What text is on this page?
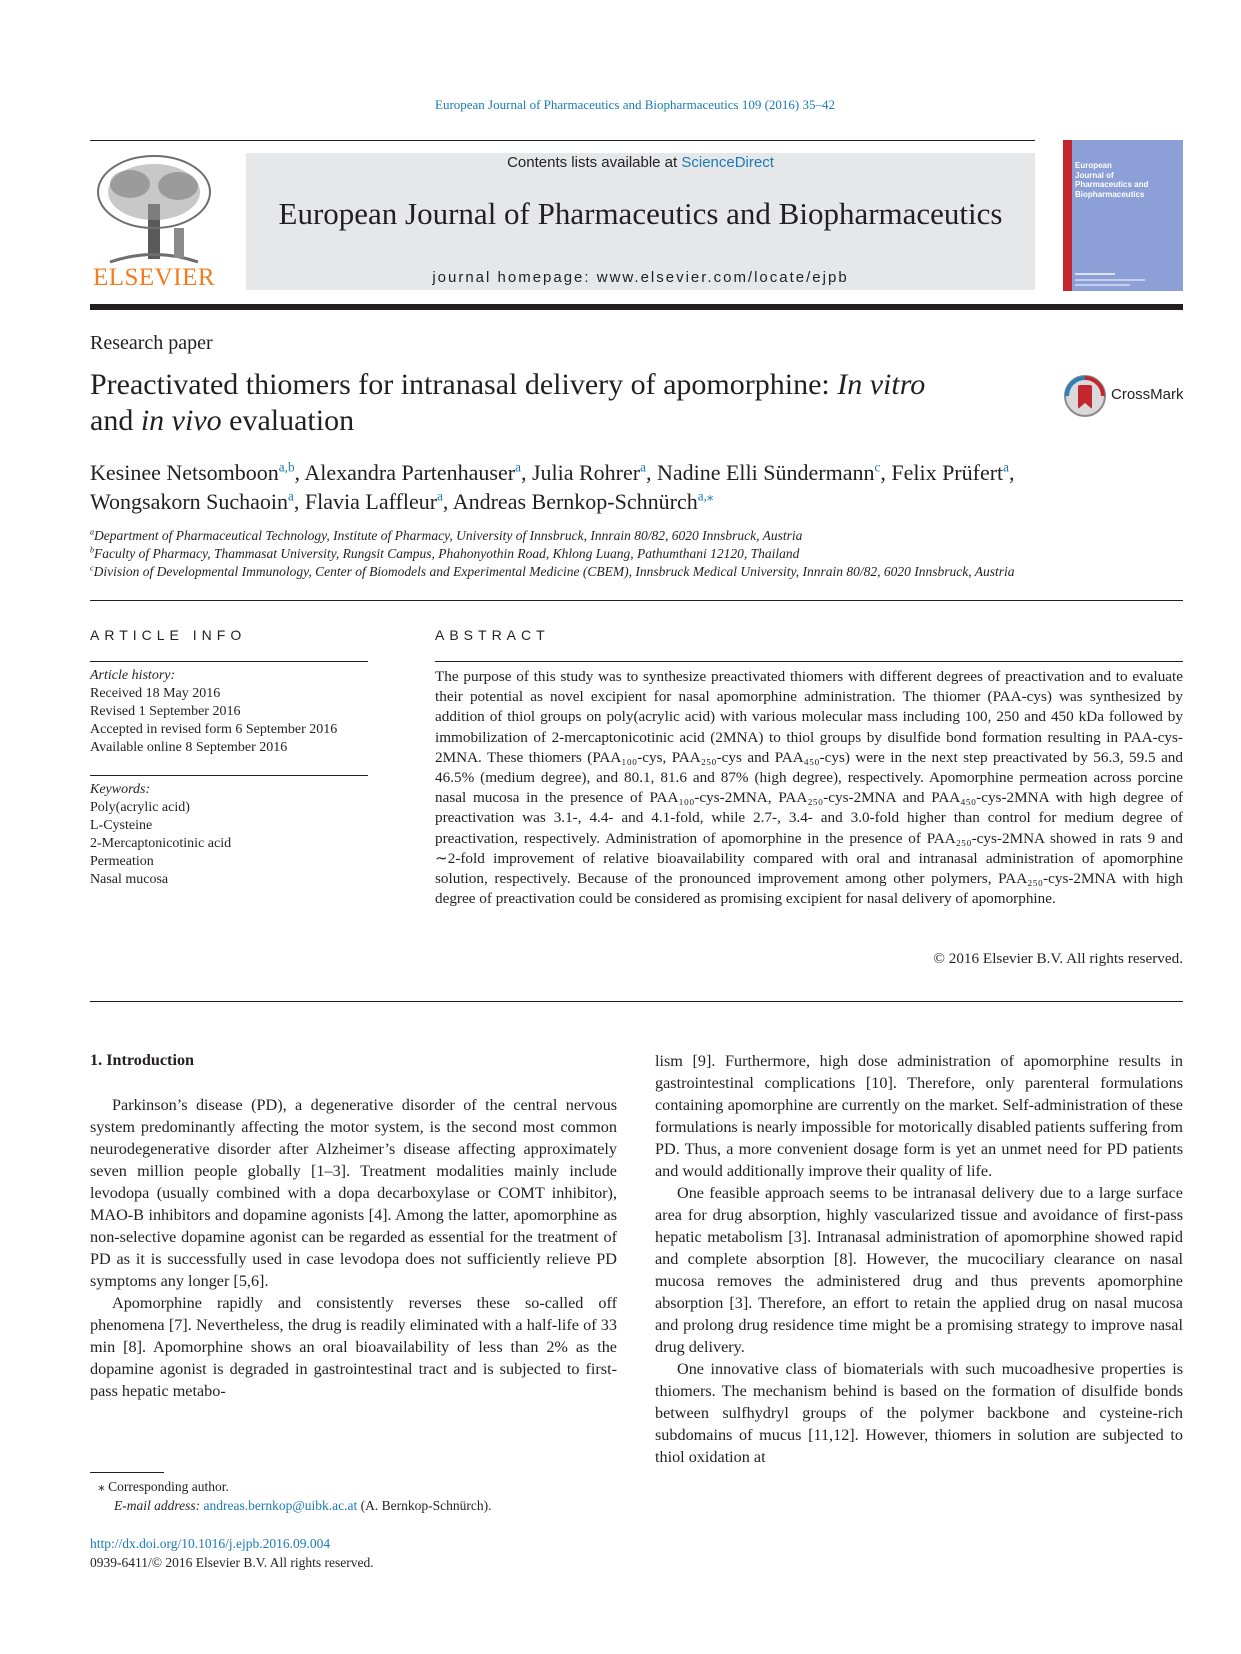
European Journal of Pharmaceutics and Biopharmaceutics 109 (2016) 35–42
ELSEVIER
Contents lists available at ScienceDirect
European Journal of Pharmaceutics and Biopharmaceutics
journal homepage: www.elsevier.com/locate/ejpb
European
Journal of
Pharmaceutics and
Biopharmaceutics
Research paper
Preactivated thiomers for intranasal delivery of apomorphine: In vitro
and in vivo evaluation
CrossMark
Kesinee Netsomboon$^{a,b}$, Alexandra Partenhauser$^a$, Julia Rohrer$^a$, Nadine Elli Sündermann$^c$, Felix Prüfert$^a$,
Wongsakorn Suchaoin$^a$, Flavia Laffleur$^a$, Andreas Bernkop-Schnürch$^{a,⁎}$
$^a$Department of Pharmaceutical Technology, Institute of Pharmacy, University of Innsbruck, Innrain 80/82, 6020 Innsbruck, Austria
$^b$Faculty of Pharmacy, Thammasat University, Rungsit Campus, Phahonyothin Road, Khlong Luang, Pathumthani 12120, Thailand
$^c$Division of Developmental Immunology, Center of Biomodels and Experimental Medicine (CBEM), Innsbruck Medical University, Innrain 80/82, 6020 Innsbruck, Austria
ARTICLE INFO
Article history:
Received 18 May 2016
Revised 1 September 2016
Accepted in revised form 6 September 2016
Available online 8 September 2016
Keywords:
Poly(acrylic acid)
L-Cysteine
2-Mercaptonicotinic acid
Permeation
Nasal mucosa
ABSTRACT
The purpose of this study was to synthesize preactivated thiomers with different degrees of preactivation and to evaluate their potential as novel excipient for nasal apomorphine administration. The thiomer (PAA-cys) was synthesized by addition of thiol groups on poly(acrylic acid) with various molecular mass including 100, 250 and 450 kDa followed by immobilization of 2-mercaptonicotinic acid (2MNA) to thiol groups by disulfide bond formation resulting in PAA-cys-2MNA. These thiomers (PAA₁₀₀-cys, PAA₂₅₀-cys and PAA₄₅₀-cys) were in the next step preactivated by 56.3, 59.5 and 46.5% (medium degree), and 80.1, 81.6 and 87% (high degree), respectively. Apomorphine permeation across porcine nasal mucosa in the presence of PAA₁₀₀-cys-2MNA, PAA₂₅₀-cys-2MNA and PAA₄₅₀-cys-2MNA with high degree of preactivation was 3.1-, 4.4- and 4.1-fold, while 2.7-, 3.4- and 3.0-fold higher than control for medium degree of preactivation, respectively. Administration of apomorphine in the presence of PAA₂₅₀-cys-2MNA showed in rats 9 and ∼2-fold improvement of relative bioavailability compared with oral and intranasal administration of apomorphine solution, respectively. Because of the pronounced improvement among other polymers, PAA₂₅₀-cys-2MNA with high degree of preactivation could be considered as promising excipient for nasal delivery of apomorphine.
© 2016 Elsevier B.V. All rights reserved.
1. Introduction

Parkinson’s disease (PD), a degenerative disorder of the central nervous system predominantly affecting the motor system, is the second most common neurodegenerative disorder after Alzheimer’s disease affecting approximately seven million people globally [1–3]. Treatment modalities mainly include levodopa (usually combined with a dopa decarboxylase or COMT inhibitor), MAO-B inhibitors and dopamine agonists [4]. Among the latter, apomorphine as non-selective dopamine agonist can be regarded as essential for the treatment of PD as it is successfully used in case levodopa does not sufficiently relieve PD symptoms any longer [5,6].

Apomorphine rapidly and consistently reverses these so-called off phenomena [7]. Nevertheless, the drug is readily eliminated with a half-life of 33 min [8]. Apomorphine shows an oral bioavailability of less than 2% as the dopamine agonist is degraded in gastrointestinal tract and is subjected to first-pass hepatic metabo-

lism [9]. Furthermore, high dose administration of apomorphine results in gastrointestinal complications [10]. Therefore, only parenteral formulations containing apomorphine are currently on the market. Self-administration of these formulations is nearly impossible for motorically disabled patients suffering from PD. Thus, a more convenient dosage form is yet an unmet need for PD patients and would additionally improve their quality of life.

One feasible approach seems to be intranasal delivery due to a large surface area for drug absorption, highly vascularized tissue and avoidance of first-pass hepatic metabolism [3]. Intranasal administration of apomorphine showed rapid and complete absorption [8]. However, the mucociliary clearance on nasal mucosa removes the administered drug and thus prevents apomorphine absorption [3]. Therefore, an effort to retain the applied drug on nasal mucosa and prolong drug residence time might be a promising strategy to improve nasal drug delivery.

One innovative class of biomaterials with such mucoadhesive properties is thiomers. The mechanism behind is based on the formation of disulfide bonds between sulfhydryl groups of the polymer backbone and cysteine-rich subdomains of mucus [11,12]. However, thiomers in solution are subjected to thiol oxidation at

⁎ Corresponding author.
E-mail address: andreas.bernkop@uibk.ac.at (A. Bernkop-Schnürch).
http://dx.doi.org/10.1016/j.ejpb.2016.09.004
0939-6411/© 2016 Elsevier B.V. All rights reserved.
